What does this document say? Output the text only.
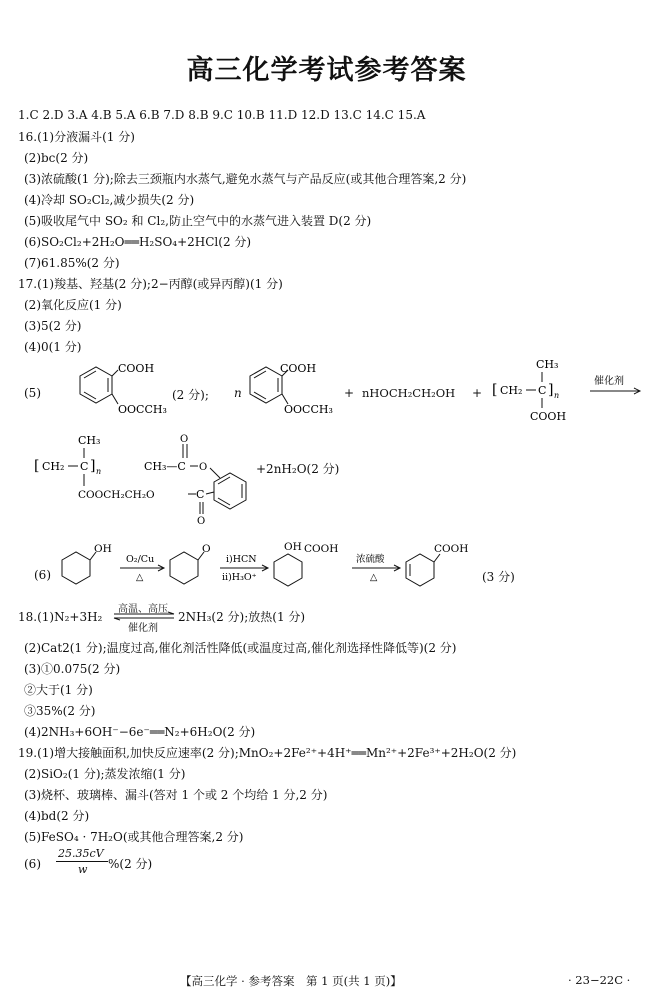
高三化学考试参考答案
1.C 2.D 3.A 4.B 5.A 6.B 7.D 8.B 9.C 10.B 11.D 12.D 13.C 14.C 15.A
16.(1)分液漏斗(1 分)
(2)bc(2 分)
(3)浓硫酸(1 分);除去三颈瓶内水蒸气,避免水蒸气与产品反应(或其他合理答案,2 分)
(4)冷却 SO₂Cl₂,减少损失(2 分)
(5)吸收尾气中 SO₂ 和 Cl₂,防止空气中的水蒸气进入装置 D(2 分)
(6)SO₂Cl₂+2H₂O══H₂SO₄+2HCl(2 分)
(7)61.85%(2 分)
17.(1)羧基、羟基(2 分);2−丙醇(或异丙醇)(1 分)
(2)氧化反应(1 分)
(3)5(2 分)
(4)0(1 分)
(5)
COOH
OOCCH₃
(2 分); n
COOH
OOCCH₃
+ nHOCH₂CH₂OH + [ CH₂ C
CH₃
] n
COOH
催化剂
[ CH₂ C
CH₃
] n
COOCH₂CH₂O
CH₃—C
O
O
C
O
+2nH₂O(2 分)
(6)
OH
O₂/Cu
△
O
ⅰ)HCN
ⅱ)H₃O⁺
OH COOH
浓硫酸
△
COOH
(3 分)
18.(1)N₂+3H₂
高温、高压
催化剂
2NH₃(2 分);放热(1 分)
(2)Cat2(1 分);温度过高,催化剂活性降低(或温度过高,催化剂选择性降低等)(2 分)
(3)①0.075(2 分)
②大于(1 分)
③35%(2 分)
(4)2NH₃+6OH⁻−6e⁻══N₂+6H₂O(2 分)
19.(1)增大接触面积,加快反应速率(2 分);MnO₂+2Fe²⁺+4H⁺══Mn²⁺+2Fe³⁺+2H₂O(2 分)
(2)SiO₂(1 分);蒸发浓缩(1 分)
(3)烧杯、玻璃棒、漏斗(答对 1 个或 2 个均给 1 分,2 分)
(4)bd(2 分)
(5)FeSO₄ · 7H₂O(或其他合理答案,2 分)
(6)
25.35cV
w %(2 分)
【高三化学 · 参考答案　第 1 页(共 1 页)】	· 23−22C ·
